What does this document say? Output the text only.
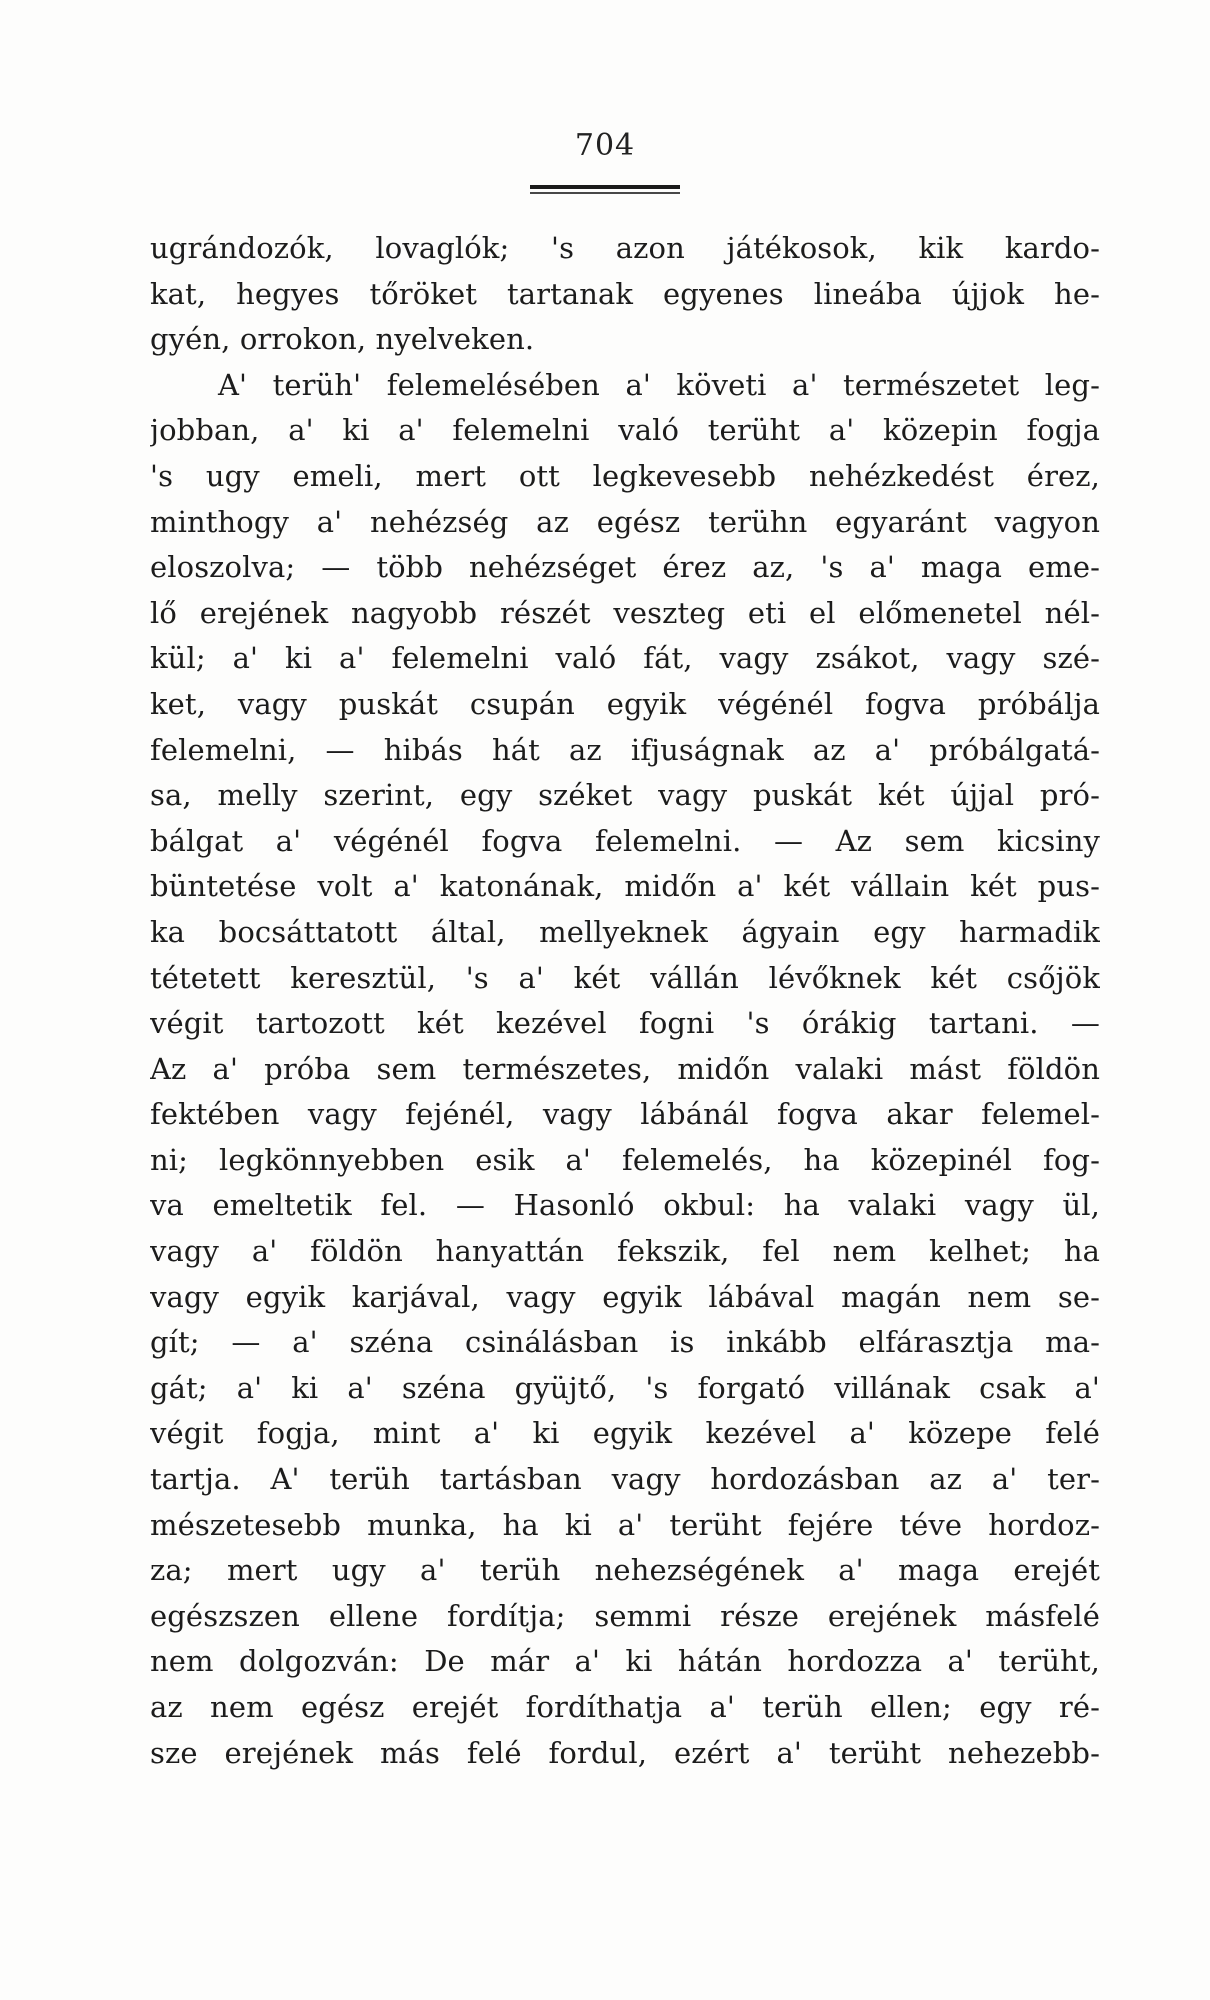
704
ugrándozók, lovaglók; 's azon játékosok, kik kardo-
kat, hegyes tőröket tartanak egyenes lineába újjok he-
gyén, orrokon, nyelveken.
A' terüh' felemelésében a' követi a' természetet leg-
jobban, a' ki a' felemelni való terüht a' közepin fogja
's ugy emeli, mert ott legkevesebb nehézkedést érez,
minthogy a' nehézség az egész terühn egyaránt vagyon
eloszolva; — több nehézséget érez az, 's a' maga eme-
lő erejének nagyobb részét veszteg eti el előmenetel nél-
kül; a' ki a' felemelni való fát, vagy zsákot, vagy szé-
ket, vagy puskát csupán egyik végénél fogva próbálja
felemelni, — hibás hát az ifjuságnak az a' próbálgatá-
sa, melly szerint, egy széket vagy puskát két újjal pró-
bálgat a' végénél fogva felemelni. — Az sem kicsiny
büntetése volt a' katonának, midőn a' két vállain két pus-
ka bocsáttatott által, mellyeknek ágyain egy harmadik
tétetett keresztül, 's a' két vállán lévőknek két csőjök
végit tartozott két kezével fogni 's órákig tartani. —
Az a' próba sem természetes, midőn valaki mást földön
fektében vagy fejénél, vagy lábánál fogva akar felemel-
ni; legkönnyebben esik a' felemelés, ha közepinél fog-
va emeltetik fel. — Hasonló okbul: ha valaki vagy ül,
vagy a' földön hanyattán fekszik, fel nem kelhet; ha
vagy egyik karjával, vagy egyik lábával magán nem se-
gít; — a' széna csinálásban is inkább elfárasztja ma-
gát; a' ki a' széna gyüjtő, 's forgató villának csak a'
végit fogja, mint a' ki egyik kezével a' közepe felé
tartja. A' terüh tartásban vagy hordozásban az a' ter-
mészetesebb munka, ha ki a' terüht fejére téve hordoz-
za; mert ugy a' terüh nehezségének a' maga erejét
egészszen ellene fordítja; semmi része erejének másfelé
nem dolgozván: De már a' ki hátán hordozza a' terüht,
az nem egész erejét fordíthatja a' terüh ellen; egy ré-
sze erejének más felé fordul, ezért a' terüht nehezebb-
